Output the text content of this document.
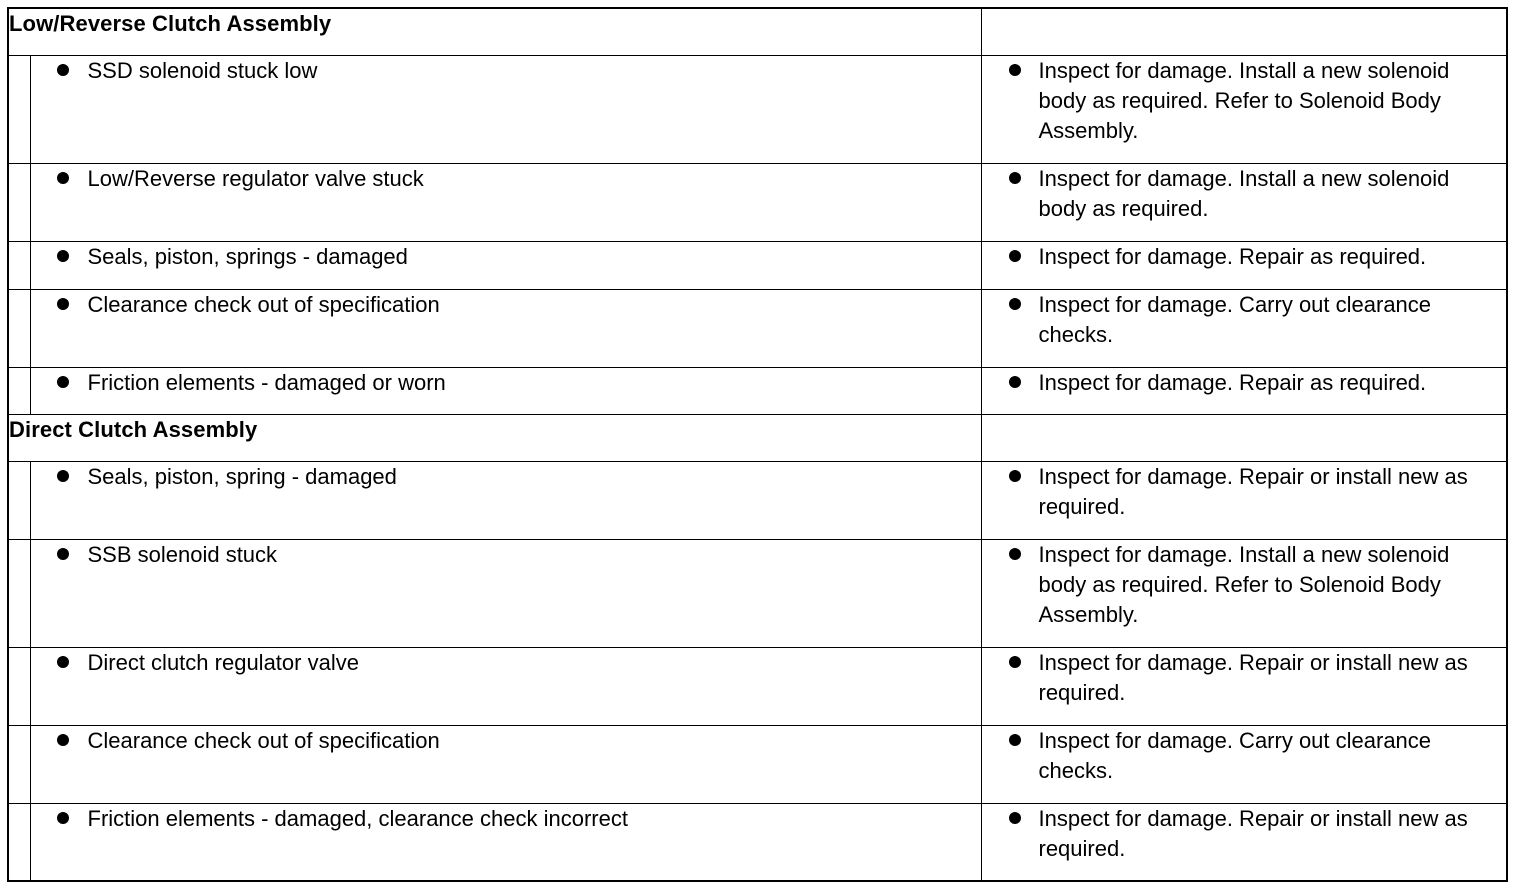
Low/Reverse Clutch Assembly		

SSD solenoid stuck low	Inspect for damage. Install a new solenoid body as required. Refer to Solenoid Body Assembly.

Low/Reverse regulator valve stuck	Inspect for damage. Install a new solenoid body as required.

Seals, piston, springs - damaged	Inspect for damage. Repair as required.

Clearance check out of specification	Inspect for damage. Carry out clearance checks.

Friction elements - damaged or worn	Inspect for damage. Repair as required.

Direct Clutch Assembly		

Seals, piston, spring - damaged	Inspect for damage. Repair or install new as required.

SSB solenoid stuck	Inspect for damage. Install a new solenoid body as required. Refer to Solenoid Body Assembly.

Direct clutch regulator valve	Inspect for damage. Repair or install new as required.

Clearance check out of specification	Inspect for damage. Carry out clearance checks.

Friction elements - damaged, clearance check incorrect	Inspect for damage. Repair or install new as required.
